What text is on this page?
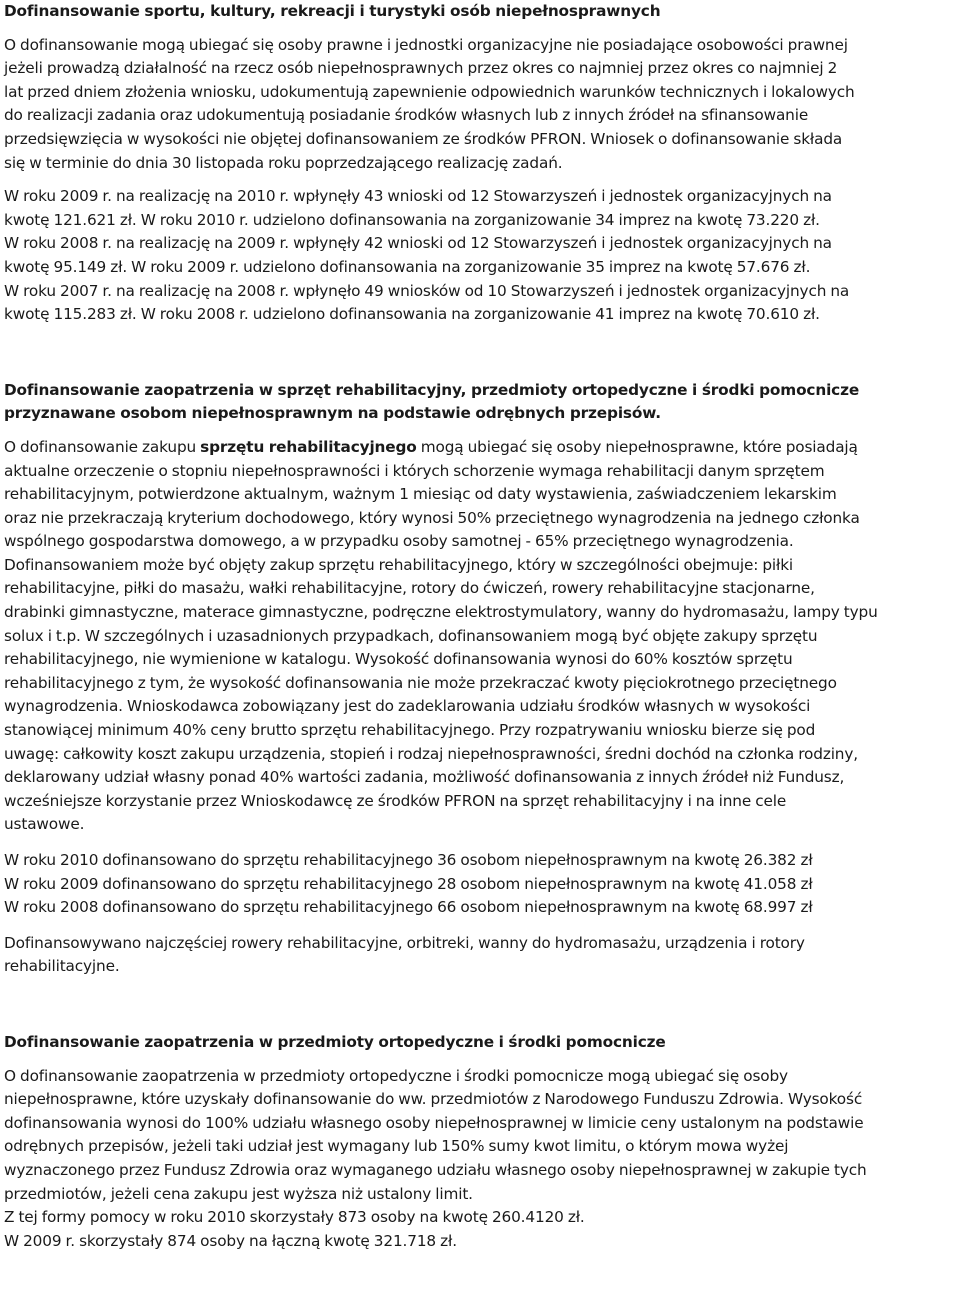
Dofinansowanie sportu, kultury, rekreacji i turystyki osób niepełnosprawnych

O dofinansowanie mogą ubiegać się osoby prawne i jednostki organizacyjne nie posiadające osobowości prawnej
jeżeli prowadzą działalność na rzecz osób niepełnosprawnych przez okres co najmniej przez okres co najmniej 2
lat przed dniem złożenia wniosku, udokumentują zapewnienie odpowiednich warunków technicznych i lokalowych
do realizacji zadania oraz udokumentują posiadanie środków własnych lub z innych źródeł na sfinansowanie
przedsięwzięcia w wysokości nie objętej dofinansowaniem ze środków PFRON. Wniosek o dofinansowanie składa
się w terminie do dnia 30 listopada roku poprzedzającego realizację zadań.

W roku 2009 r. na realizację na 2010 r. wpłynęły 43 wnioski od 12 Stowarzyszeń i jednostek organizacyjnych na
kwotę 121.621 zł. W roku 2010 r. udzielono dofinansowania na zorganizowanie 34 imprez na kwotę 73.220 zł.
W roku 2008 r. na realizację na 2009 r. wpłynęły 42 wnioski od 12 Stowarzyszeń i jednostek organizacyjnych na
kwotę 95.149 zł. W roku 2009 r. udzielono dofinansowania na zorganizowanie 35 imprez na kwotę 57.676 zł.
W roku 2007 r. na realizację na 2008 r. wpłynęło 49 wniosków od 10 Stowarzyszeń i jednostek organizacyjnych na
kwotę 115.283 zł. W roku 2008 r. udzielono dofinansowania na zorganizowanie 41 imprez na kwotę 70.610 zł.

Dofinansowanie zaopatrzenia w sprzęt rehabilitacyjny, przedmioty ortopedyczne i środki pomocnicze
przyznawane osobom niepełnosprawnym na podstawie odrębnych przepisów.

O dofinansowanie zakupu sprzętu rehabilitacyjnego mogą ubiegać się osoby niepełnosprawne, które posiadają
aktualne orzeczenie o stopniu niepełnosprawności i których schorzenie wymaga rehabilitacji danym sprzętem
rehabilitacyjnym, potwierdzone aktualnym, ważnym 1 miesiąc od daty wystawienia, zaświadczeniem lekarskim
oraz nie przekraczają kryterium dochodowego, który wynosi 50% przeciętnego wynagrodzenia na jednego członka
wspólnego gospodarstwa domowego, a w przypadku osoby samotnej - 65% przeciętnego wynagrodzenia.
Dofinansowaniem może być objęty zakup sprzętu rehabilitacyjnego, który w szczególności obejmuje: piłki
rehabilitacyjne, piłki do masażu, wałki rehabilitacyjne, rotory do ćwiczeń, rowery rehabilitacyjne stacjonarne,
drabinki gimnastyczne, materace gimnastyczne, podręczne elektrostymulatory, wanny do hydromasażu, lampy typu
solux i t.p. W szczególnych i uzasadnionych przypadkach, dofinansowaniem mogą być objęte zakupy sprzętu
rehabilitacyjnego, nie wymienione w katalogu. Wysokość dofinansowania wynosi do 60% kosztów sprzętu
rehabilitacyjnego z tym, że wysokość dofinansowania nie może przekraczać kwoty pięciokrotnego przeciętnego
wynagrodzenia. Wnioskodawca zobowiązany jest do zadeklarowania udziału środków własnych w wysokości
stanowiącej minimum 40% ceny brutto sprzętu rehabilitacyjnego. Przy rozpatrywaniu wniosku bierze się pod
uwagę: całkowity koszt zakupu urządzenia, stopień i rodzaj niepełnosprawności, średni dochód na członka rodziny,
deklarowany udział własny ponad 40% wartości zadania, możliwość dofinansowania z innych źródeł niż Fundusz,
wcześniejsze korzystanie przez Wnioskodawcę ze środków PFRON na sprzęt rehabilitacyjny i na inne cele
ustawowe.

W roku 2010 dofinansowano do sprzętu rehabilitacyjnego 36 osobom niepełnosprawnym na kwotę 26.382 zł
W roku 2009 dofinansowano do sprzętu rehabilitacyjnego 28 osobom niepełnosprawnym na kwotę 41.058 zł
W roku 2008 dofinansowano do sprzętu rehabilitacyjnego 66 osobom niepełnosprawnym na kwotę 68.997 zł

Dofinansowywano najczęściej rowery rehabilitacyjne, orbitreki, wanny do hydromasażu, urządzenia i rotory
rehabilitacyjne.

Dofinansowanie zaopatrzenia w przedmioty ortopedyczne i środki pomocnicze

O dofinansowanie zaopatrzenia w przedmioty ortopedyczne i środki pomocnicze mogą ubiegać się osoby
niepełnosprawne, które uzyskały dofinansowanie do ww. przedmiotów z Narodowego Funduszu Zdrowia. Wysokość
dofinansowania wynosi do 100% udziału własnego osoby niepełnosprawnej w limicie ceny ustalonym na podstawie
odrębnych przepisów, jeżeli taki udział jest wymagany lub 150% sumy kwot limitu, o którym mowa wyżej
wyznaczonego przez Fundusz Zdrowia oraz wymaganego udziału własnego osoby niepełnosprawnej w zakupie tych
przedmiotów, jeżeli cena zakupu jest wyższa niż ustalony limit.
Z tej formy pomocy w roku 2010 skorzystały 873 osoby na kwotę 260.4120 zł.
W 2009 r. skorzystały 874 osoby na łączną kwotę 321.718 zł.
